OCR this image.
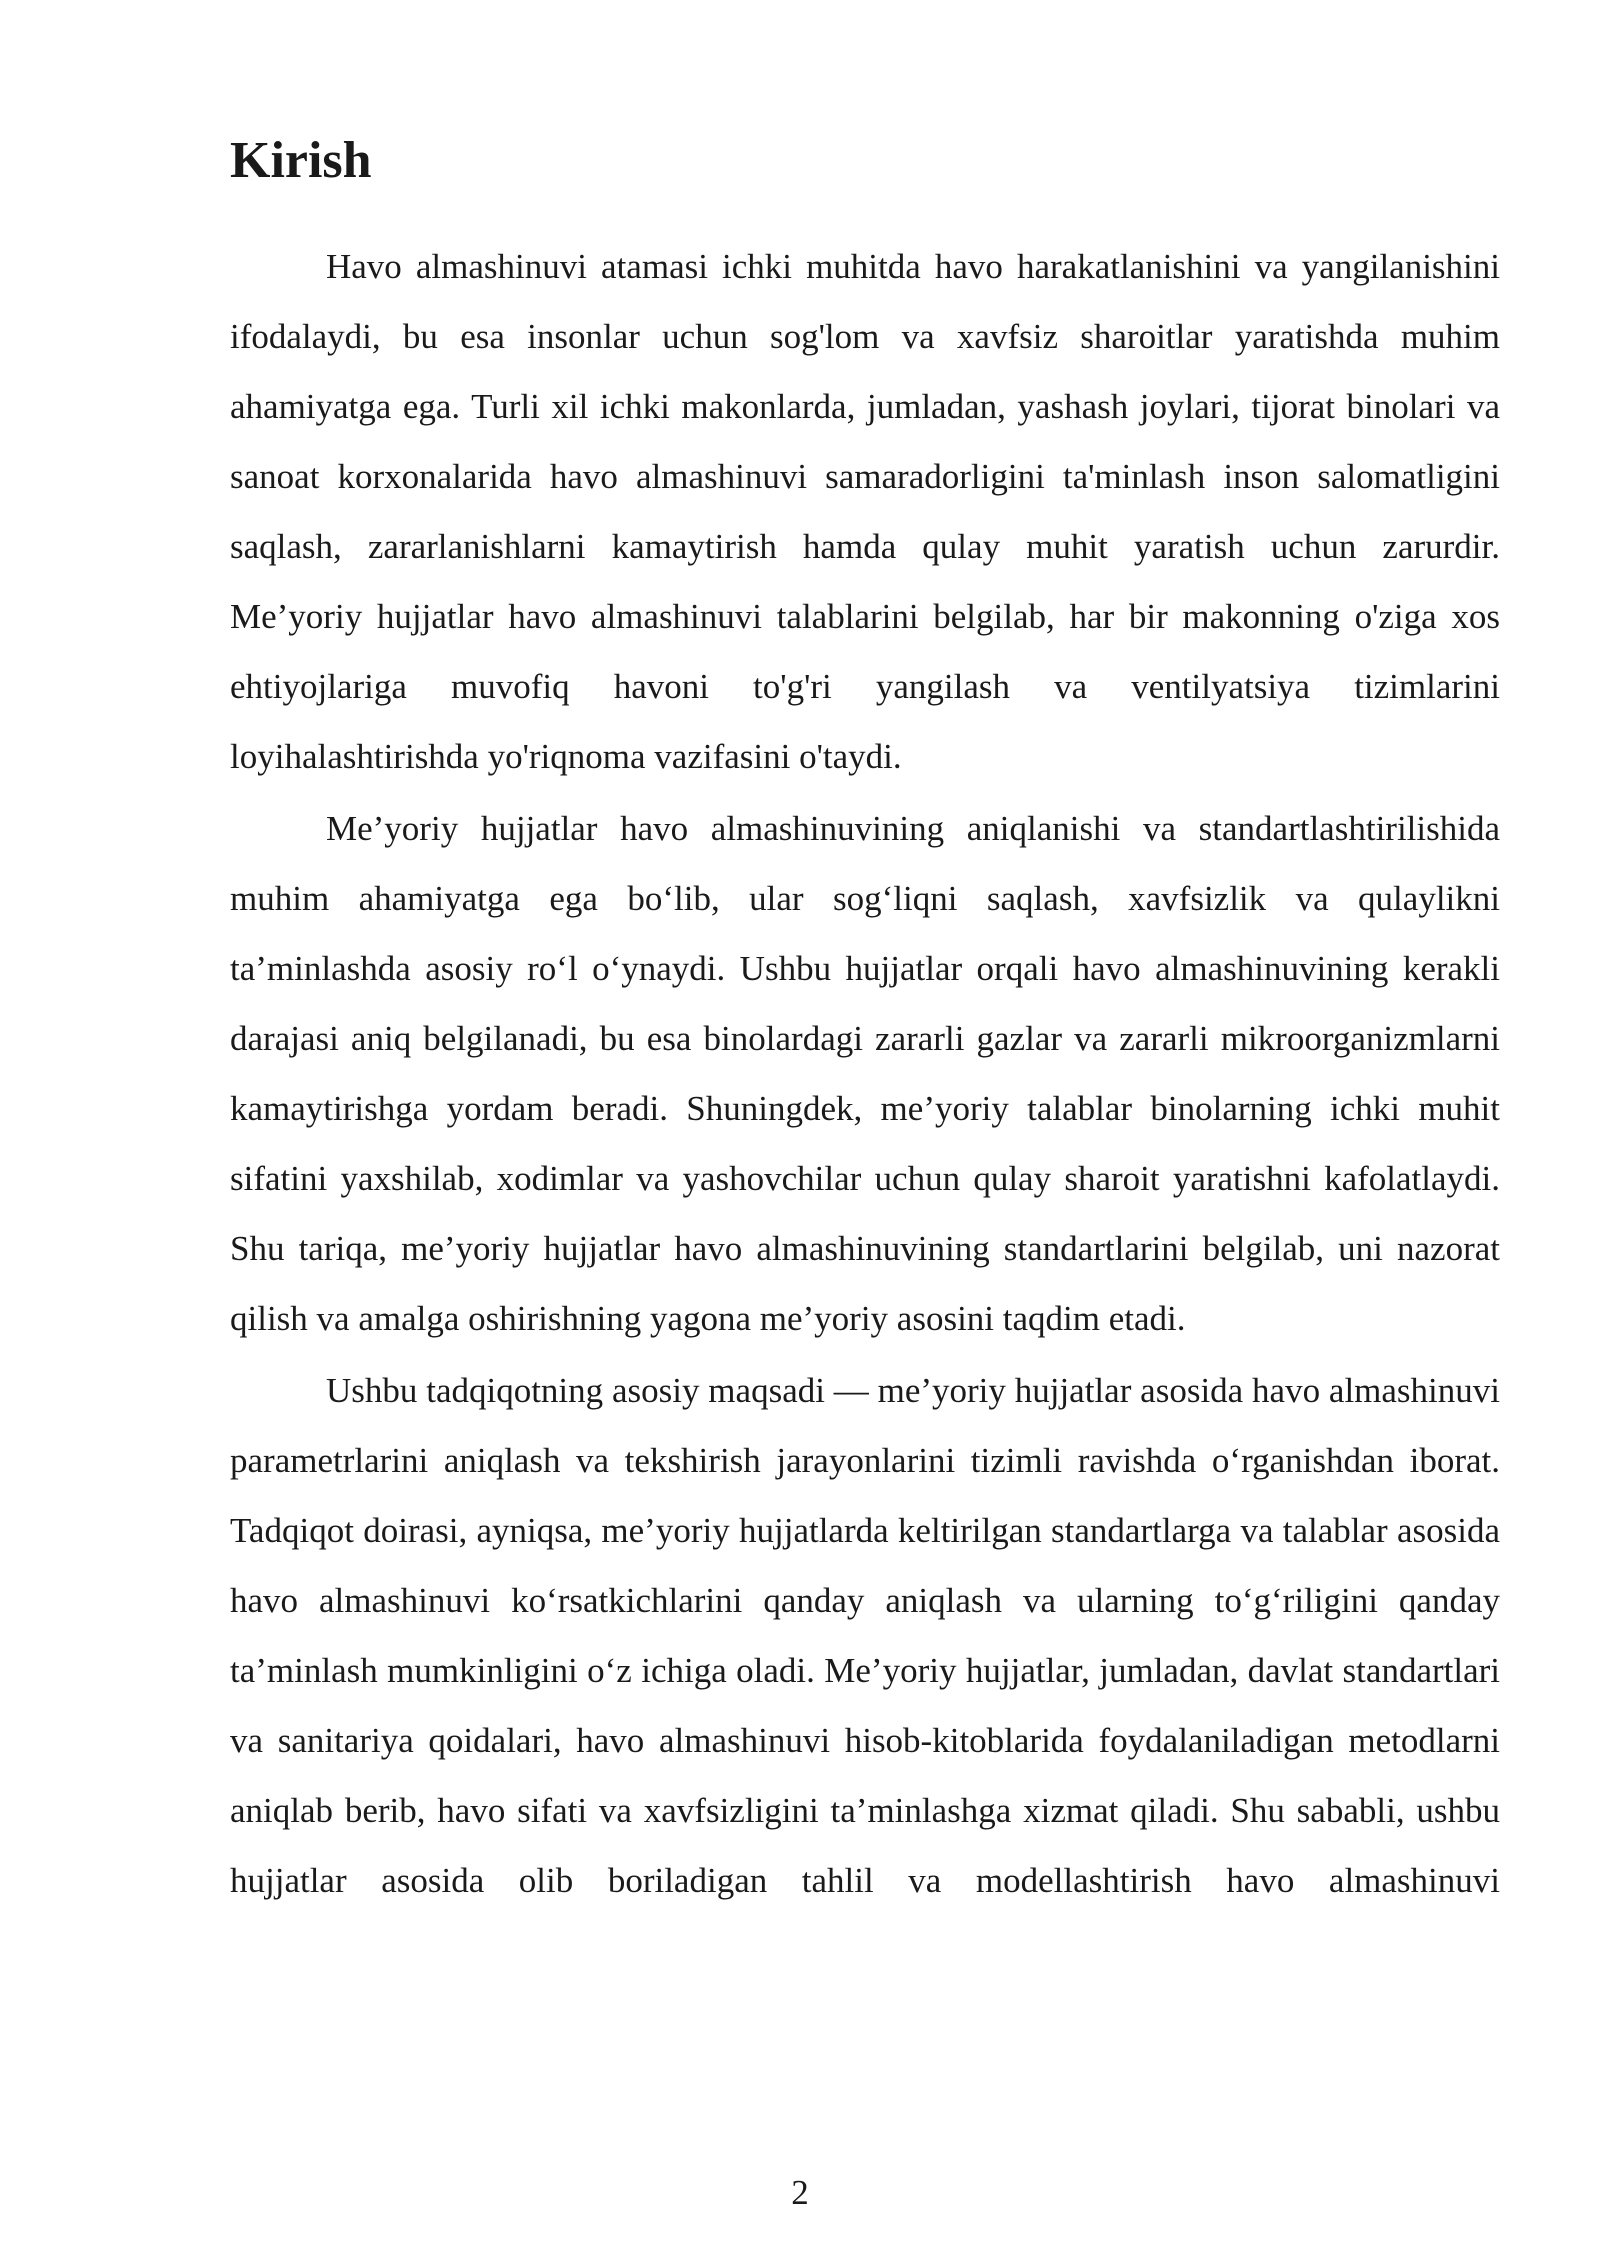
Kirish

Havo almashinuvi atamasi ichki muhitda havo harakatlanishini va yangilanishini ifodalaydi, bu esa insonlar uchun sog'lom va xavfsiz sharoitlar yaratishda muhim ahamiyatga ega. Turli xil ichki makonlarda, jumladan, yashash joylari, tijorat binolari va sanoat korxonalarida havo almashinuvi samaradorligini ta'minlash inson salomatligini saqlash, zararlanishlarni kamaytirish hamda qulay muhit yaratish uchun zarurdir. Me’yoriy hujjatlar havo almashinuvi talablarini belgilab, har bir makonning o'ziga xos ehtiyojlariga muvofiq havoni to'g'ri yangilash va ventilyatsiya tizimlarini loyihalashtirishda yo'riqnoma vazifasini o'taydi.

Me’yoriy hujjatlar havo almashinuvining aniqlanishi va standartlashtirilishida muhim ahamiyatga ega bo‘lib, ular sog‘liqni saqlash, xavfsizlik va qulaylikni ta’minlashda asosiy ro‘l o‘ynaydi. Ushbu hujjatlar orqali havo almashinuvining kerakli darajasi aniq belgilanadi, bu esa binolardagi zararli gazlar va zararli mikroorganizmlarni kamaytirishga yordam beradi. Shuningdek, me’yoriy talablar binolarning ichki muhit sifatini yaxshilab, xodimlar va yashovchilar uchun qulay sharoit yaratishni kafolatlaydi. Shu tariqa, me’yoriy hujjatlar havo almashinuvining standartlarini belgilab, uni nazorat qilish va amalga oshirishning yagona me’yoriy asosini taqdim etadi.

Ushbu tadqiqotning asosiy maqsadi — me’yoriy hujjatlar asosida havo almashinuvi parametrlarini aniqlash va tekshirish jarayonlarini tizimli ravishda o‘rganishdan iborat. Tadqiqot doirasi, ayniqsa, me’yoriy hujjatlarda keltirilgan standartlarga va talablar asosida havo almashinuvi ko‘rsatkichlarini qanday aniqlash va ularning to‘g‘riligini qanday ta’minlash mumkinligini o‘z ichiga oladi. Me’yoriy hujjatlar, jumladan, davlat standartlari va sanitariya qoidalari, havo almashinuvi hisob-kitoblarida foydalaniladigan metodlarni aniqlab berib, havo sifati va xavfsizligini ta’minlashga xizmat qiladi. Shu sababli, ushbu hujjatlar asosida olib boriladigan tahlil va modellashtirish havo almashinuvi

2
